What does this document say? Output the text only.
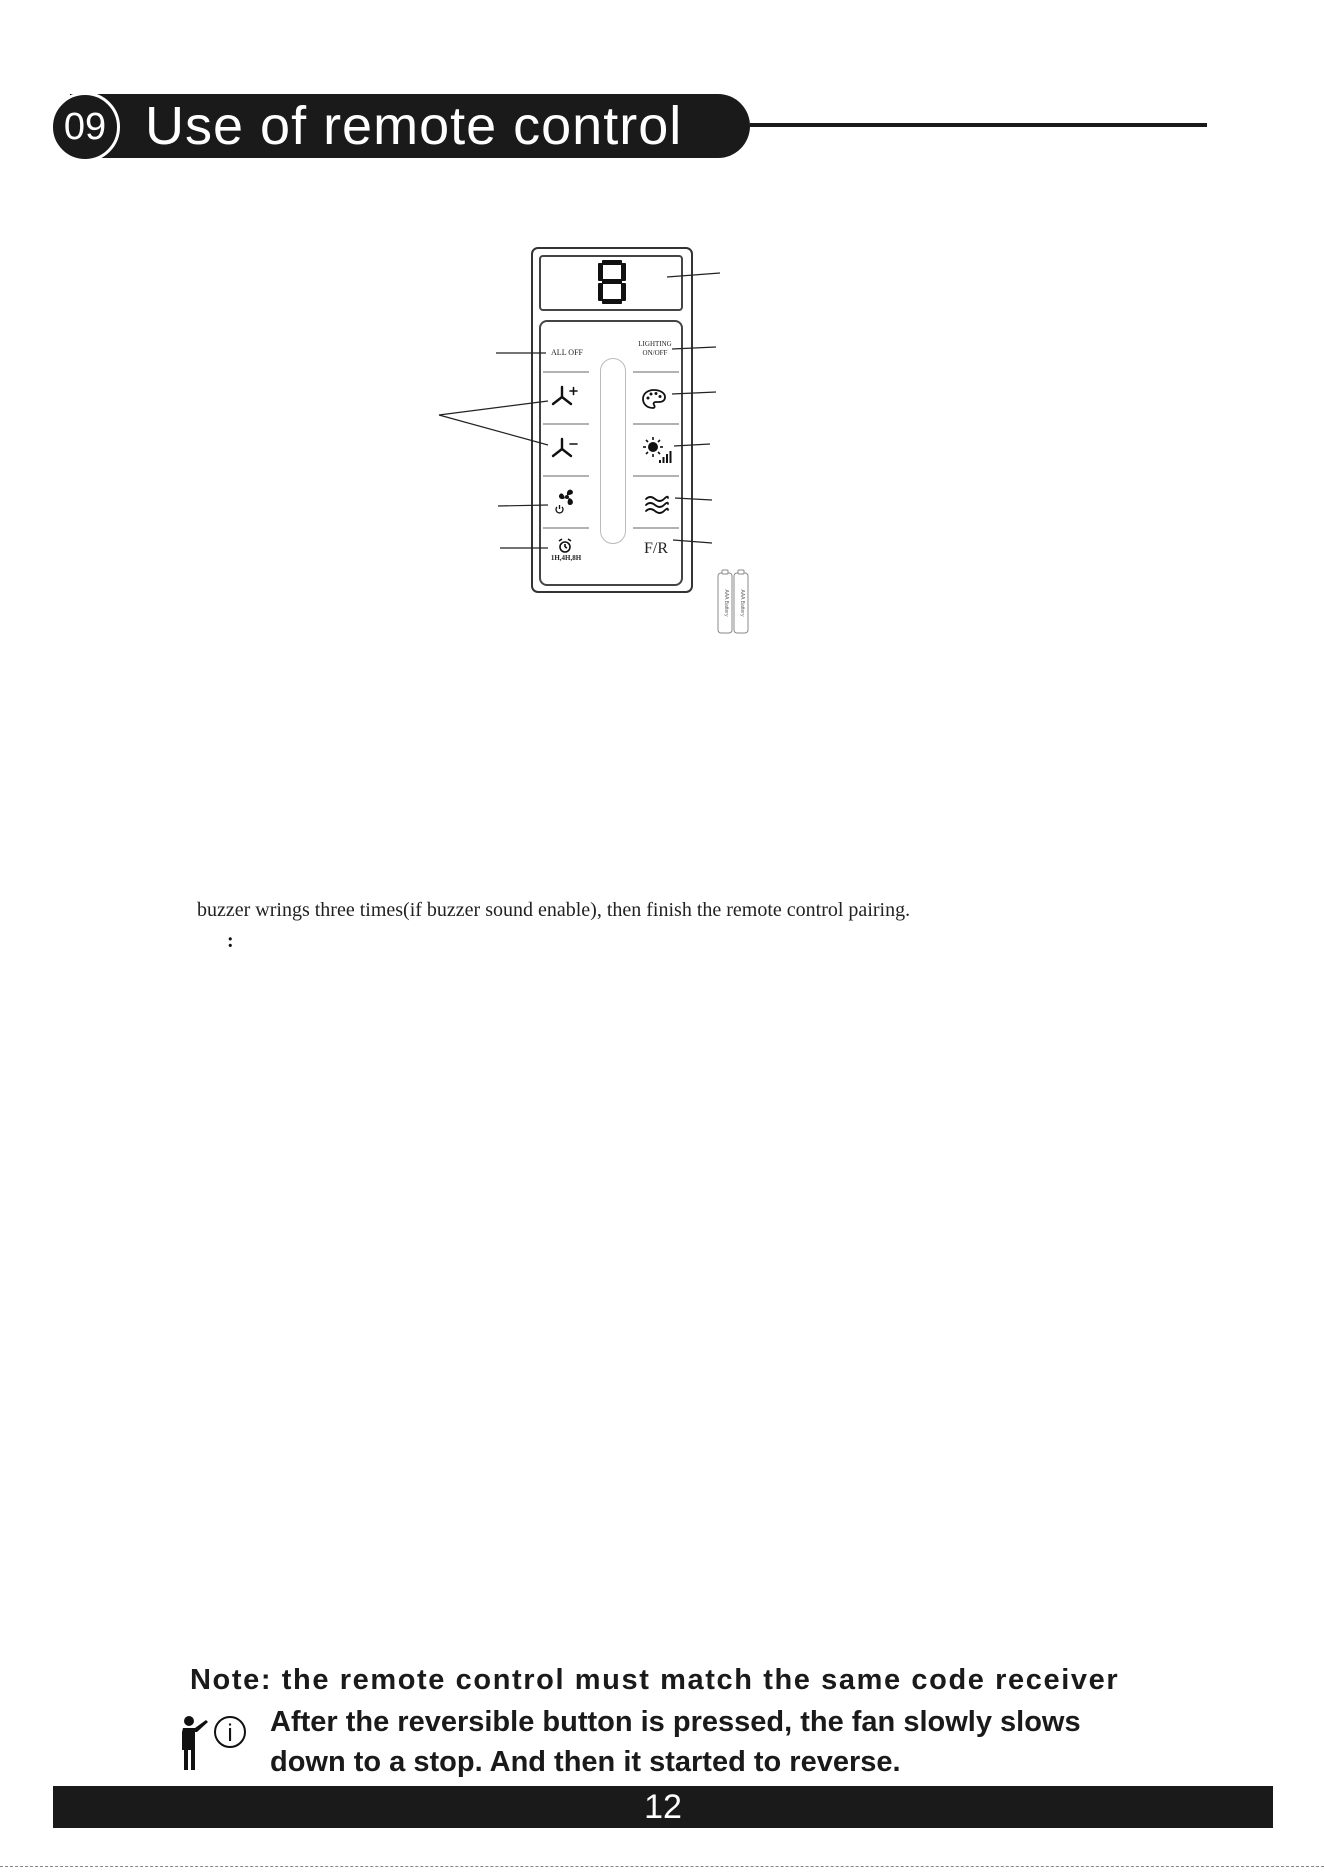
09 Use of remote control
ALL OFF
1H,4H,8H
LIGHTING
ON/OFF
F/R
AAA Battery AAA Battery
buzzer wrings three times(if buzzer sound enable), then finish the remote control pairing.
:
Note: the remote control must match the same code receiver
i After the reversible button is pressed, the fan slowly slows
down to a stop. And then it started to reverse.
12
